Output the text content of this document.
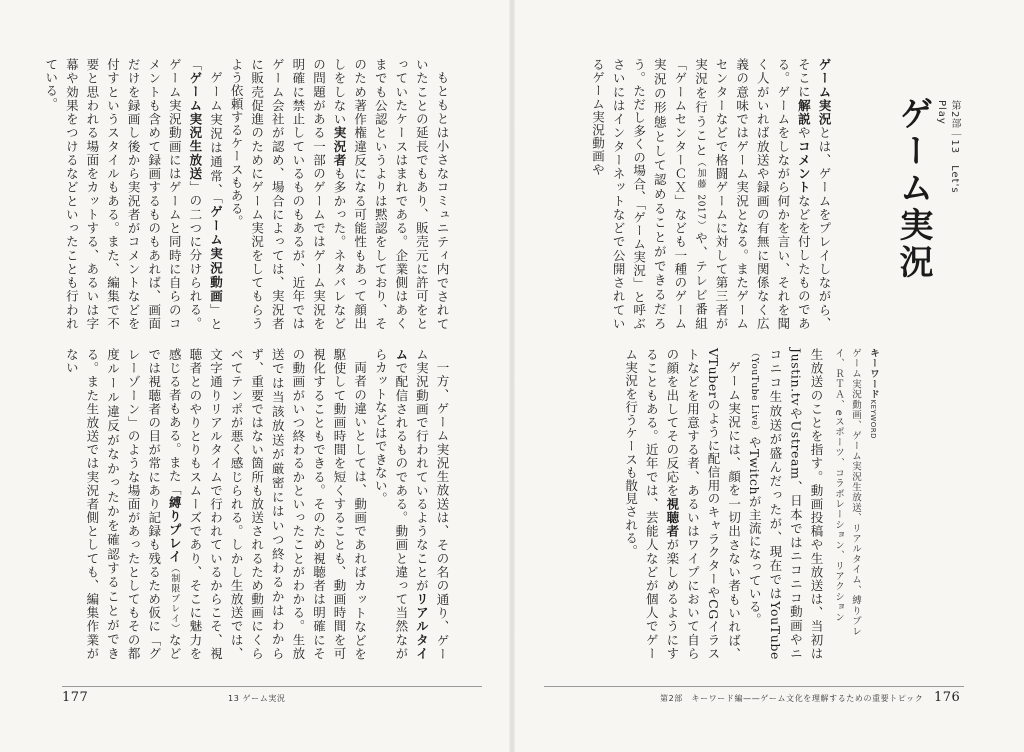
第2部｜13　Let's Play
ゲーム実況
キーワードKEYWORD
ゲーム実況動画、ゲーム実況生放送、リアルタイム、縛りプレイ、ＲＴＡ、eスポーツ、コラボレーション、リアクション

ゲーム実況とは、ゲームをプレイしながら、そこに解説やコメントなどを付したものである。ゲームをしながら何かを言い、それを聞く人がいれば放送や録画の有無に関係なく広義の意味ではゲーム実況となる。またゲームセンターなどで格闘ゲームに対して第三者が実況を行うこと（加藤 2017）や、テレビ番組「ゲームセンターＣＸ」なども一種のゲーム実況の形態として認めることができるだろう。ただし多くの場合、「ゲーム実況」と呼ぶさいにはインターネットなどで公開されているゲーム実況動画や

生放送のことを指す。動画投稿や生放送は、当初はJustin.tvやUstream、日本ではニコニコ動画やニコニコ生放送が盛んだったが、現在ではYouTube（YouTube Live）やTwitchが主流になっている。

ゲーム実況には、顔を一切出さない者もいれば、VTuberのように配信用のキャラクターやCGイラストなどを用意する者、あるいはワイプにおいて自らの顔を出してその反応を視聴者が楽しめるようにすることもある。近年では、芸能人などが個人でゲーム実況を行うケースも散見される。

もともとは小さなコミュニティ内でされていたことの延長でもあり、販売元に許可をとっていたケースはまれである。企業側はあくまでも公認というよりは黙認をしており、そのため著作権違反になる可能性もあって顔出しをしない実況者も多かった。ネタバレなどの問題がある一部のゲームではゲーム実況を明確に禁止しているものもあるが、近年ではゲーム会社が認め、場合によっては、実況者に販売促進のためにゲーム実況をしてもらうよう依頼するケースもある。

ゲーム実況は通常、「ゲーム実況動画」と「ゲーム実況生放送」の二つに分けられる。ゲーム実況動画にはゲームと同時に自らのコメントも含めて録画するものもあれば、画面だけを録画し後から実況者がコメントなどを付すというスタイルもある。また、編集で不要と思われる場面をカットする、あるいは字幕や効果をつけるなどといったことも行われている。

一方、ゲーム実況生放送は、その名の通り、ゲーム実況動画で行われているようなことがリアルタイムで配信されるものである。動画と違って当然ながらカットなどはできない。

両者の違いとしては、動画であればカットなどを駆使して動画時間を短くすることも、動画時間を可視化することもできる。そのため視聴者は明確にその動画がいつ終わるかといったことがわかる。生放送では当該放送が厳密にはいつ終わるかはわからず、重要ではない箇所も放送されるため動画にくらべてテンポが悪く感じられる。しかし生放送では、文字通りリアルタイムで行われているからこそ、視聴者とのやりとりもスムーズであり、そこに魅力を感じる者もある。また「縛りプレイ（制限プレイ）などでは視聴者の目が常にあり記録も残るため仮に「グレーゾーン」のような場面があったとしてもその都度ルール違反がなかったかを確認することができる。また生放送では実況者側としても、編集作業がない

177	13 ゲーム実況	第2部　キーワード編——ゲーム文化を理解するための重要トピック 176
